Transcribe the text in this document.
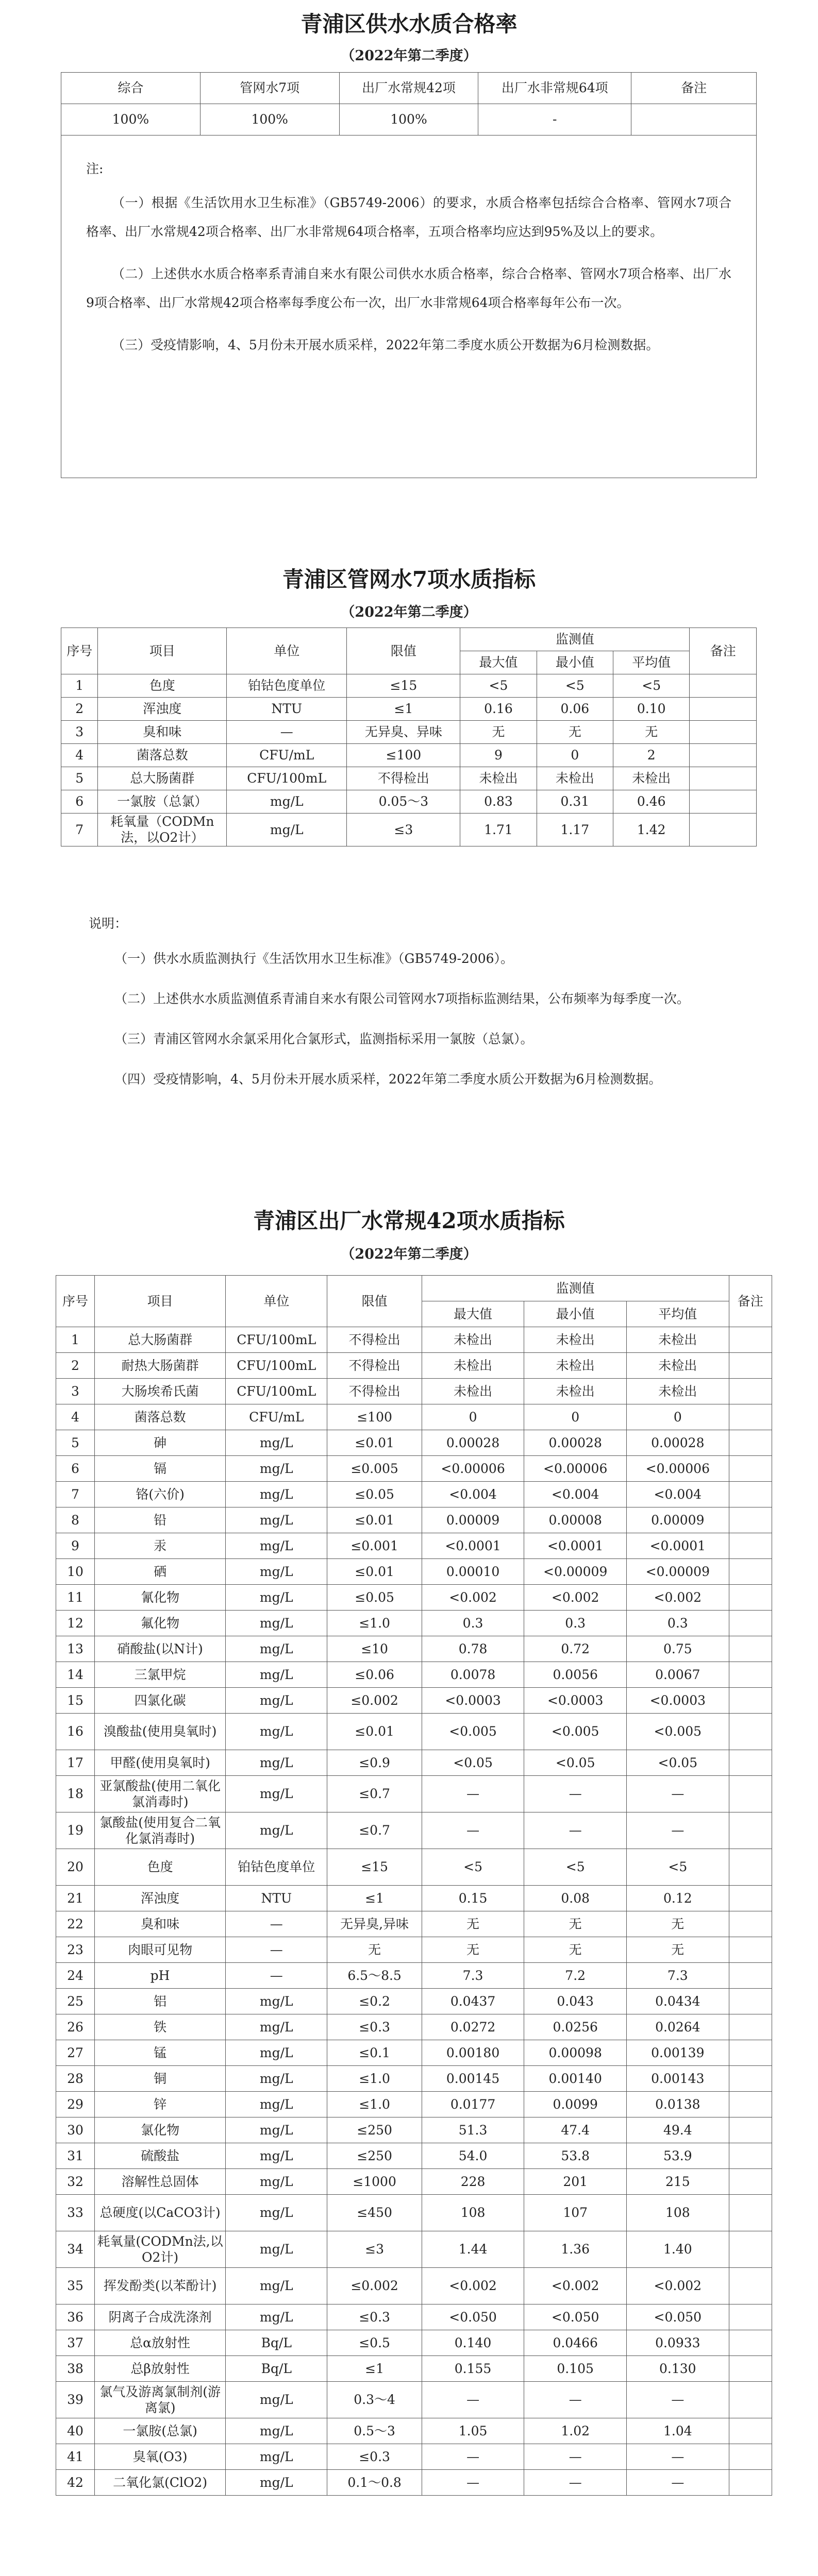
青浦区供水水质合格率

（2022年第二季度）

综合	管网水7项	出厂水常规42项	出厂水非常规64项	备注
100%	100%	100%	-	

注:

（一）根据《生活饮用水卫生标准》（GB5749-2006）的要求，水质合格率包括综合合格率、管网水7项合格率、出厂水常规42项合格率、出厂水非常规64项合格率，五项合格率均应达到95%及以上的要求。

（二）上述供水水质合格率系青浦自来水有限公司供水水质合格率，综合合格率、管网水7项合格率、出厂水9项合格率、出厂水常规42项合格率每季度公布一次，出厂水非常规64项合格率每年公布一次。

（三）受疫情影响，4、5月份未开展水质采样，2022年第二季度水质公开数据为6月检测数据。

青浦区管网水7项水质指标

（2022年第二季度）

序号	项目	单位	限值	监测值			备注
				最大值	最小值	平均值	
1	色度	铂钴色度单位	≤15	<5	<5	<5	
2	浑浊度	NTU	≤1	0.16	0.06	0.10	
3	臭和味	—	无异臭、异味	无	无	无	
4	菌落总数	CFU/mL	≤100	9	0	2	
5	总大肠菌群	CFU/100mL	不得检出	未检出	未检出	未检出	
6	一氯胺（总氯）	mg/L	0.05～3	0.83	0.31	0.46	
7	耗氧量（CODMn法，以O2计）	mg/L	≤3	1.71	1.17	1.42	

说明：

（一）供水水质监测执行《生活饮用水卫生标准》（GB5749-2006）。

（二）上述供水水质监测值系青浦自来水有限公司管网水7项指标监测结果，公布频率为每季度一次。

（三）青浦区管网水余氯采用化合氯形式，监测指标采用一氯胺（总氯）。

（四）受疫情影响，4、5月份未开展水质采样，2022年第二季度水质公开数据为6月检测数据。

青浦区出厂水常规42项水质指标

（2022年第二季度）

序号	项目	单位	限值	监测值			备注
				最大值	最小值	平均值	
1	总大肠菌群	CFU/100mL	不得检出	未检出	未检出	未检出	
2	耐热大肠菌群	CFU/100mL	不得检出	未检出	未检出	未检出	
3	大肠埃希氏菌	CFU/100mL	不得检出	未检出	未检出	未检出	
4	菌落总数	CFU/mL	≤100	0	0	0	
5	砷	mg/L	≤0.01	0.00028	0.00028	0.00028	
6	镉	mg/L	≤0.005	<0.00006	<0.00006	<0.00006	
7	铬(六价)	mg/L	≤0.05	<0.004	<0.004	<0.004	
8	铅	mg/L	≤0.01	0.00009	0.00008	0.00009	
9	汞	mg/L	≤0.001	<0.0001	<0.0001	<0.0001	
10	硒	mg/L	≤0.01	0.00010	<0.00009	<0.00009	
11	氰化物	mg/L	≤0.05	<0.002	<0.002	<0.002	
12	氟化物	mg/L	≤1.0	0.3	0.3	0.3	
13	硝酸盐(以N计)	mg/L	≤10	0.78	0.72	0.75	
14	三氯甲烷	mg/L	≤0.06	0.0078	0.0056	0.0067	
15	四氯化碳	mg/L	≤0.002	<0.0003	<0.0003	<0.0003	
16	溴酸盐(使用臭氧时)	mg/L	≤0.01	<0.005	<0.005	<0.005	
17	甲醛(使用臭氧时)	mg/L	≤0.9	<0.05	<0.05	<0.05	
18	亚氯酸盐(使用二氧化氯消毒时)	mg/L	≤0.7	—	—	—	
19	氯酸盐(使用复合二氧化氯消毒时)	mg/L	≤0.7	—	—	—	
20	色度	铂钴色度单位	≤15	<5	<5	<5	
21	浑浊度	NTU	≤1	0.15	0.08	0.12	
22	臭和味	—	无异臭,异味	无	无	无	
23	肉眼可见物	—	无	无	无	无	
24	pH	—	6.5～8.5	7.3	7.2	7.3	
25	铝	mg/L	≤0.2	0.0437	0.043	0.0434	
26	铁	mg/L	≤0.3	0.0272	0.0256	0.0264	
27	锰	mg/L	≤0.1	0.00180	0.00098	0.00139	
28	铜	mg/L	≤1.0	0.00145	0.00140	0.00143	
29	锌	mg/L	≤1.0	0.0177	0.0099	0.0138	
30	氯化物	mg/L	≤250	51.3	47.4	49.4	
31	硫酸盐	mg/L	≤250	54.0	53.8	53.9	
32	溶解性总固体	mg/L	≤1000	228	201	215	
33	总硬度(以CaCO3计)	mg/L	≤450	108	107	108	
34	耗氧量(CODMn法,以O2计)	mg/L	≤3	1.44	1.36	1.40	
35	挥发酚类(以苯酚计)	mg/L	≤0.002	<0.002	<0.002	<0.002	
36	阴离子合成洗涤剂	mg/L	≤0.3	<0.050	<0.050	<0.050	
37	总α放射性	Bq/L	≤0.5	0.140	0.0466	0.0933	
38	总β放射性	Bq/L	≤1	0.155	0.105	0.130	
39	氯气及游离氯制剂(游离氯)	mg/L	0.3～4	—	—	—	
40	一氯胺(总氯)	mg/L	0.5～3	1.05	1.02	1.04	
41	臭氧(O3)	mg/L	≤0.3	—	—	—	
42	二氧化氯(ClO2)	mg/L	0.1～0.8	—	—	—	
